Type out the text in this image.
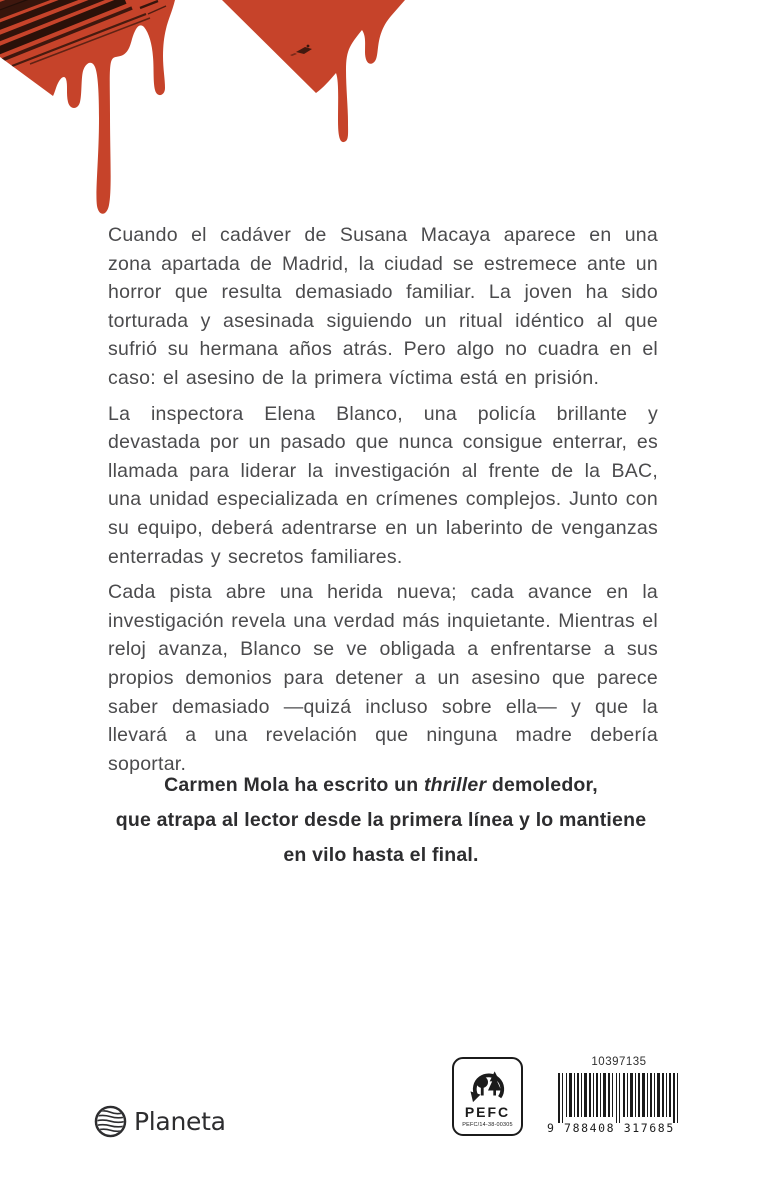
Cuando el cadáver de Susana Macaya aparece en una zona apartada de Madrid, la ciudad se estremece ante un horror que resulta demasiado familiar. La joven ha sido torturada y asesinada siguiendo un ritual idéntico al que sufrió su hermana años atrás. Pero algo no cuadra en el caso: el asesino de la primera víctima está en prisión.

La inspectora Elena Blanco, una policía brillante y devastada por un pasado que nunca consigue enterrar, es llamada para liderar la investigación al frente de la BAC, una unidad especializada en crímenes complejos. Junto con su equipo, deberá adentrarse en un laberinto de venganzas enterradas y secretos familiares.

Cada pista abre una herida nueva; cada avance en la investigación revela una verdad más inquietante. Mientras el reloj avanza, Blanco se ve obligada a enfrentarse a sus propios demonios para detener a un asesino que parece saber demasiado —quizá incluso sobre ella— y que la llevará a una revelación que ninguna madre debería soportar.

Carmen Mola ha escrito un thriller demoledor,
que atrapa al lector desde la primera línea y lo mantiene
en vilo hasta el final.
Planeta	PEFC
PEFC/14-38-00305
10397135
9 788408 317685
